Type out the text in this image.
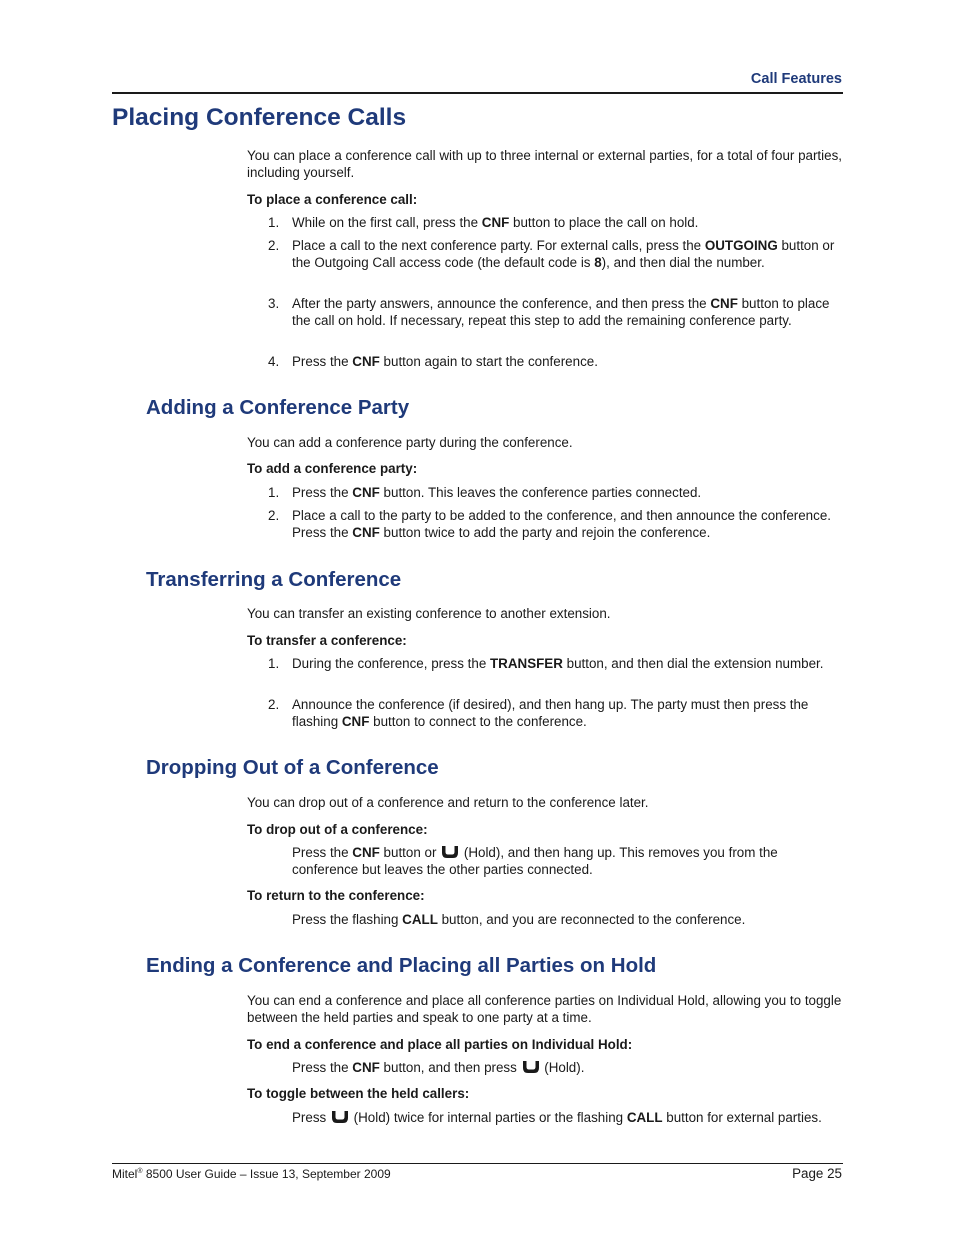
Call Features
Placing Conference Calls

You can place a conference call with up to three internal or external parties, for a total of four parties, including yourself.

To place a conference call:

1. While on the first call, press the CNF button to place the call on hold.
2. Place a call to the next conference party. For external calls, press the OUTGOING button or the Outgoing Call access code (the default code is 8), and then dial the number.
3. After the party answers, announce the conference, and then press the CNF button to place the call on hold. If necessary, repeat this step to add the remaining conference party.
4. Press the CNF button again to start the conference.
Adding a Conference Party

You can add a conference party during the conference.

To add a conference party:

1. Press the CNF button. This leaves the conference parties connected.
2. Place a call to the party to be added to the conference, and then announce the conference. Press the CNF button twice to add the party and rejoin the conference.
Transferring a Conference

You can transfer an existing conference to another extension.

To transfer a conference:

1. During the conference, press the TRANSFER button, and then dial the extension number.
2. Announce the conference (if desired), and then hang up. The party must then press the flashing CNF button to connect to the conference.
Dropping Out of a Conference

You can drop out of a conference and return to the conference later.

To drop out of a conference:

Press the CNF button or  (Hold), and then hang up. This removes you from the conference but leaves the other parties connected.

To return to the conference:

Press the flashing CALL button, and you are reconnected to the conference.

Ending a Conference and Placing all Parties on Hold

You can end a conference and place all conference parties on Individual Hold, allowing you to toggle between the held parties and speak to one party at a time.

To end a conference and place all parties on Individual Hold:

Press the CNF button, and then press  (Hold).

To toggle between the held callers:

Press  (Hold) twice for internal parties or the flashing CALL button for external parties.

Mitel® 8500 User Guide – Issue 13, September 2009	Page 25
